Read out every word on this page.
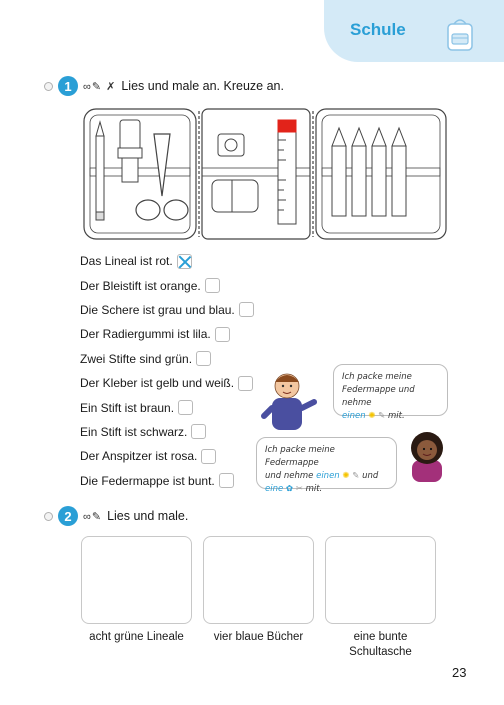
Schule
1	∞✎ ✗ Lies und male an. Kreuze an.
Das Lineal ist rot.
Der Bleistift ist orange.
Die Schere ist grau und blau.
Der Radiergummi ist lila.
Zwei Stifte sind grün.
Der Kleber ist gelb und weiß.
Ein Stift ist braun.
Ein Stift ist schwarz.
Der Anspitzer ist rosa.
Die Federmappe ist bunt.
Ich packe meine
Federmappe und nehme
einen ✺ ✎ mit.
Ich packe meine Federmappe
und nehme einen ✺ ✎ und
eine ✿ ✂ mit.
2	∞✎ Lies und male.
acht grüne Lineale	vier blaue Bücher	eine bunte
Schultasche
23
